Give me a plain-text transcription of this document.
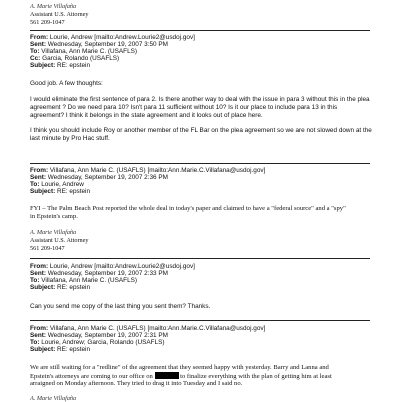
A. Marie Villafaña
Assistant U.S. Attorney
561 209-1047
From: Lourie, Andrew [mailto:Andrew.Lourie2@usdoj.gov]
Sent: Wednesday, September 19, 2007 3:50 PM
To: Villafana, Ann Marie C. (USAFLS)
Cc: Garcia, Rolando (USAFLS)
Subject: RE: epstein
Good job. A few thoughts:
I would eliminate the first sentence of para 2. Is there another way to deal with the issue in para 3 without this in the plea
agreement ? Do we need para 10? Isn't para 11 sufficient without 10? Is it our place to include para 13 in this
agreement? I think it belongs in the state agreement and it looks out of place here.
I think you should include Roy or another member of the FL Bar on the plea agreement so we are not slowed down at the
last minute by Pro Hac stuff.
From: Villafana, Ann Marie C. (USAFLS) [mailto:Ann.Marie.C.Villafana@usdoj.gov]
Sent: Wednesday, September 19, 2007 2:36 PM
To: Lourie, Andrew
Subject: RE: epstein
FYI – The Palm Beach Post reported the whole deal in today's paper and claimed to have a "federal source" and a "spy"
in Epstein's camp.
A. Marie Villafaña
Assistant U.S. Attorney
561 209-1047
From: Lourie, Andrew [mailto:Andrew.Lourie2@usdoj.gov]
Sent: Wednesday, September 19, 2007 2:33 PM
To: Villafana, Ann Marie C. (USAFLS)
Subject: RE: epstein
Can you send me copy of the last thing you sent them? Thanks.
From: Villafana, Ann Marie C. (USAFLS) [mailto:Ann.Marie.C.Villafana@usdoj.gov]
Sent: Wednesday, September 19, 2007 2:31 PM
To: Lourie, Andrew; Garcia, Rolando (USAFLS)
Subject: RE: epstein
We are still waiting for a "redline" of the agreement that they seemed happy with yesterday. Barry and Lanna and
Epstein's attorneys are coming to our office on	to finalize everything with the plan of getting him at least
arraigned on Monday afternoon. They tried to drag it into Tuesday and I said no.
A. Marie Villafaña
